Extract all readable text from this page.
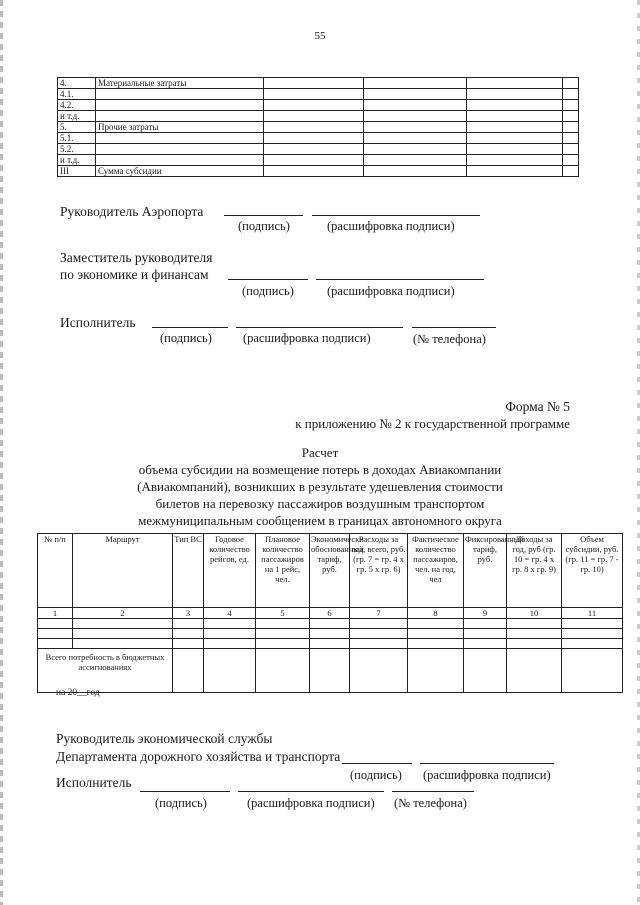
55
4.	Материальные затраты				
4.1.					
4.2.					
и т.д.					
5.	Прочие затраты				
5.1.					
5.2.					
и т.д.					
III	Сумма субсидии				
Руководитель Аэропорта
(подпись)	(расшифровка подписи)
Заместитель руководителя
по экономике и финансам
(подпись)	(расшифровка подписи)
Исполнитель
(подпись) (расшифровка подписи)	(№ телефона)
Форма № 5
к приложению № 2 к государственной программе
Расчет
объема субсидии на возмещение потерь в доходах Авиакомпании
(Авиакомпаний), возникших в результате удешевления стоимости
билетов на перевозку пассажиров воздушным транспортом
межмуниципальным сообщением в границах автономного округа
№ п/п	Маршрут	Тип ВС	Годовое количество рейсов, ед.	Плановое количество пассажиров на 1 рейс, чел.	Экономически обоснованный тариф, руб.	Расходы за год, всего, руб. (гр. 7 = гр. 4 х гр. 5 х гр. 6)	Фактическое количество пассажиров, чел. на год, чел	Фиксированный тариф, руб.	Доходы за год, руб (гр. 10 = гр. 4 х гр. 8 х гр. 9)	Объем субсидии, руб. (гр. 11 = гр. 7 - гр. 10)
1	2	3	4	5	6	7	8	9	10	11

Всего потребность в бюджетных ассигнованиях										
на 20__год
Руководитель экономической службы
Департамента дорожного хозяйства и транспорта
(подпись) (расшифровка подписи)
Исполнитель
(подпись)	(расшифровка подписи) (№ телефона)
